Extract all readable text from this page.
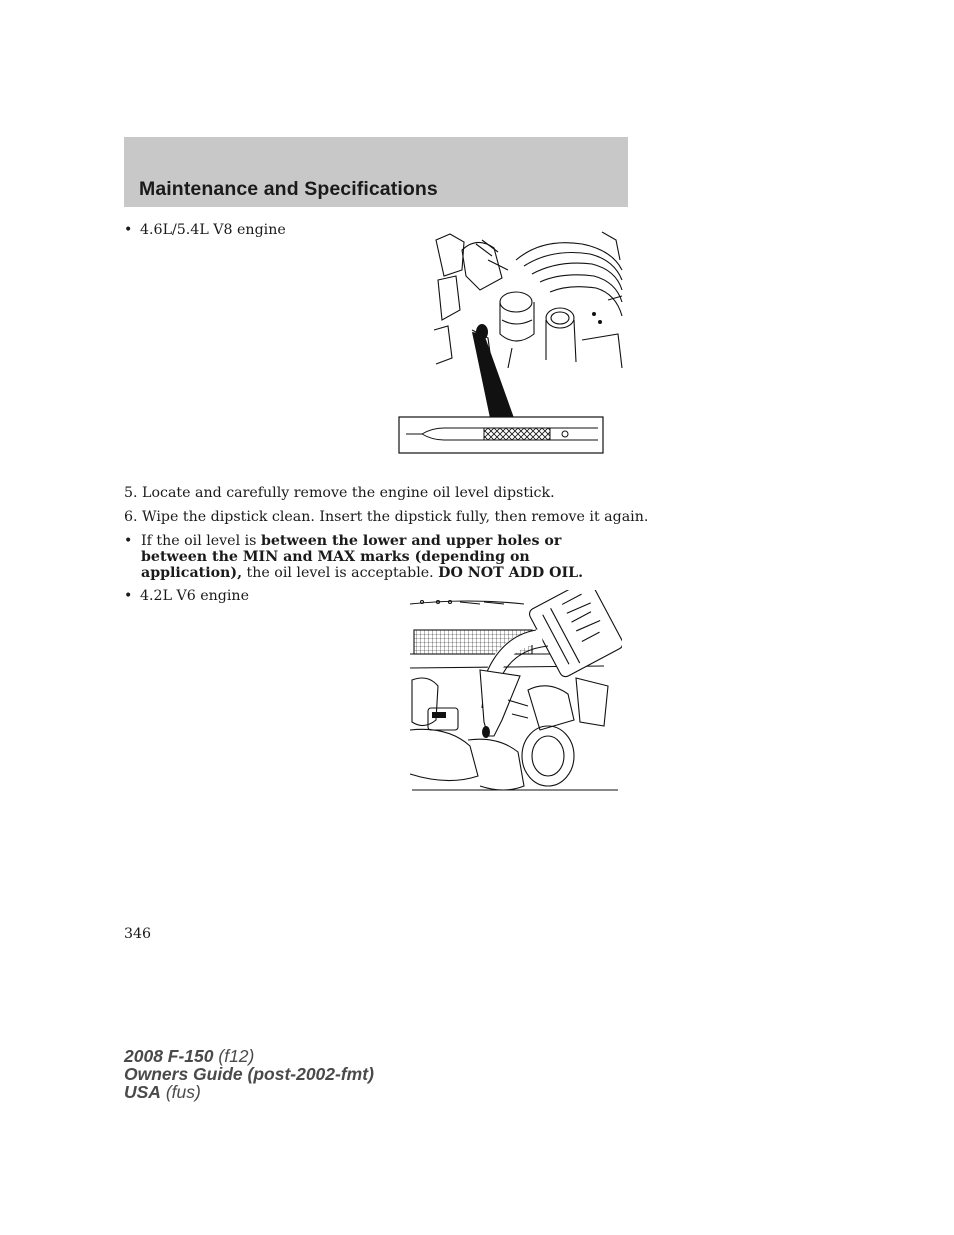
Maintenance and Specifications
• 4.6L/5.4L V8 engine
5. Locate and carefully remove the engine oil level dipstick.
6. Wipe the dipstick clean. Insert the dipstick fully, then remove it again.
• If the oil level is between the lower and upper holes or between the MIN and MAX marks (depending on application), the oil level is acceptable. DO NOT ADD OIL.
• 4.2L V6 engine
346
2008 F-150 (f12)
Owners Guide (post-2002-fmt)
USA (fus)
